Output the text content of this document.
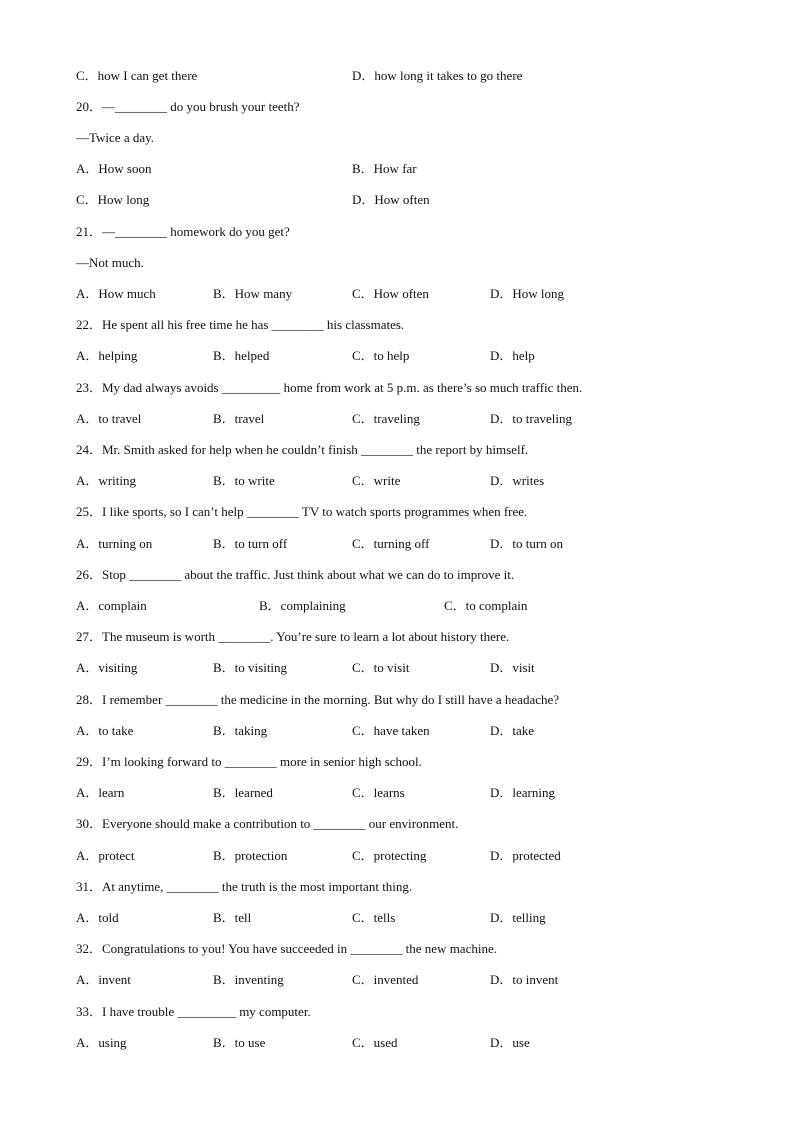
C．how I can get there	D．how long it takes to go there
20．—________ do you brush your teeth?
—Twice a day.
A．How soon	B．How far
C．How long	D．How often
21．—________ homework do you get?
—Not much.
A．How much	B．How many	C．How often	D．How long
22．He spent all his free time he has ________ his classmates.
A．helping	B．helped	C．to help	D．help
23．My dad always avoids _________ home from work at 5 p.m. as there’s so much traffic then.
A．to travel	B．travel	C．traveling	D．to traveling
24．Mr. Smith asked for help when he couldn’t finish ________ the report by himself.
A．writing	B．to write	C．write	D．writes
25．I like sports, so I can’t help ________ TV to watch sports programmes when free.
A．turning on	B．to turn off	C．turning off	D．to turn on
26．Stop ________ about the traffic. Just think about what we can do to improve it.
A．complain	B．complaining	C．to complain
27．The museum is worth ________. You’re sure to learn a lot about history there.
A．visiting	B．to visiting	C．to visit	D．visit
28．I remember ________ the medicine in the morning. But why do I still have a headache?
A．to take	B．taking	C．have taken	D．take
29．I’m looking forward to ________ more in senior high school.
A．learn	B．learned	C．learns	D．learning
30．Everyone should make a contribution to ________ our environment.
A．protect	B．protection	C．protecting	D．protected
31．At anytime, ________ the truth is the most important thing.
A．told	B．tell	C．tells	D．telling
32．Congratulations to you! You have succeeded in ________ the new machine.
A．invent	B．inventing	C．invented	D．to invent
33．I have trouble _________ my computer.
A．using	B．to use	C．used	D．use
